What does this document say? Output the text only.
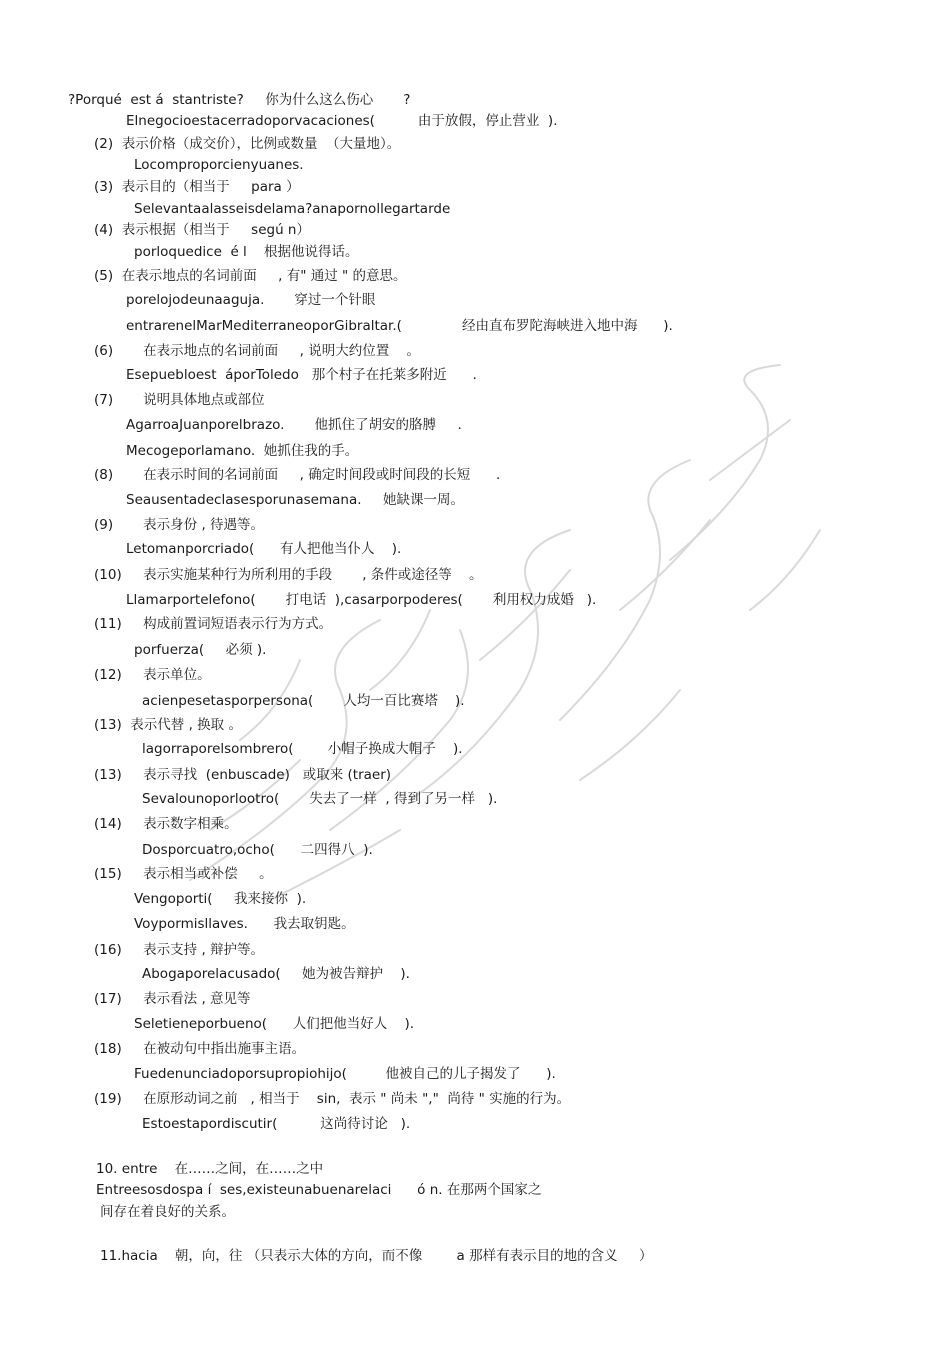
?Porqué  est á  stantriste?     你为什么这么伤心       ?
Elnegocioestacerradoporvacaciones(          由于放假，停止营业  ).
(2)  表示价格（成交价），比例或数量  （大量地）。
Locomproporcienyuanes.
(3)  表示目的（相当于     para ）
Selevantaalasseisdelama?anapornollegartarde
(4)  表示根据（相当于     segú n）
porloquedice  é l    根据他说得话。
(5)  在表示地点的名词前面     , 有" 通过 " 的意思。
porelojodeunaaguja.       穿过一个针眼
entrarenelMarMediterraneoporGibraltar.(              经由直布罗陀海峡进入地中海      ).
(6)       在表示地点的名词前面     , 说明大约位置    。
Esepuebloest  áporToledo   那个村子在托莱多附近      .
(7)       说明具体地点或部位
AgarroaJuanporelbrazo.       他抓住了胡安的胳膊     .
Mecogeporlamano.  她抓住我的手。
(8)       在表示时间的名词前面     , 确定时间段或时间段的长短      .
Seausentadeclasesporunasemana.     她缺课一周。
(9)       表示身份 , 待遇等。
Letomanporcriado(      有人把他当仆人    ).
(10)     表示实施某种行为所利用的手段       , 条件或途径等    。
Llamarportelefono(       打电话  ),casarporpoderes(       利用权力成婚   ).
(11)     构成前置词短语表示行为方式。
porfuerza(     必须 ).
(12)     表示单位。
acienpesetasporpersona(       人均一百比赛塔    ).
(13)  表示代替 , 换取 。
lagorraporelsombrero(        小帽子换成大帽子    ).
(13)     表示寻找  (enbuscade)   或取来 (traer)
Sevalounoporlootro(       失去了一样  , 得到了另一样   ).
(14)     表示数字相乘。
Dosporcuatro,ocho(      二四得八  ).
(15)     表示相当或补偿     。
Vengoporti(     我来接你  ).
Voypormisllaves.      我去取钥匙。
(16)     表示支持 , 辩护等。
Abogaporelacusado(     她为被告辩护    ).
(17)     表示看法 , 意见等
Seletieneporbueno(      人们把他当好人    ).
(18)     在被动句中指出施事主语。
Fuedenunciadoporsupropiohijo(         他被自己的儿子揭发了      ).
(19)     在原形动词之前   , 相当于    sin,  表示 " 尚未 ","  尚待 " 实施的行为。
Estoestapordiscutir(          这尚待讨论   ).
10. entre    在……之间，在……之中
Entreesosdospa í  ses,existeunabuenarelaci      ó n. 在那两个国家之
间存在着良好的关系。
11.hacia    朝，向，往 （只表示大体的方向，而不像        a 那样有表示目的地的含义     ）
